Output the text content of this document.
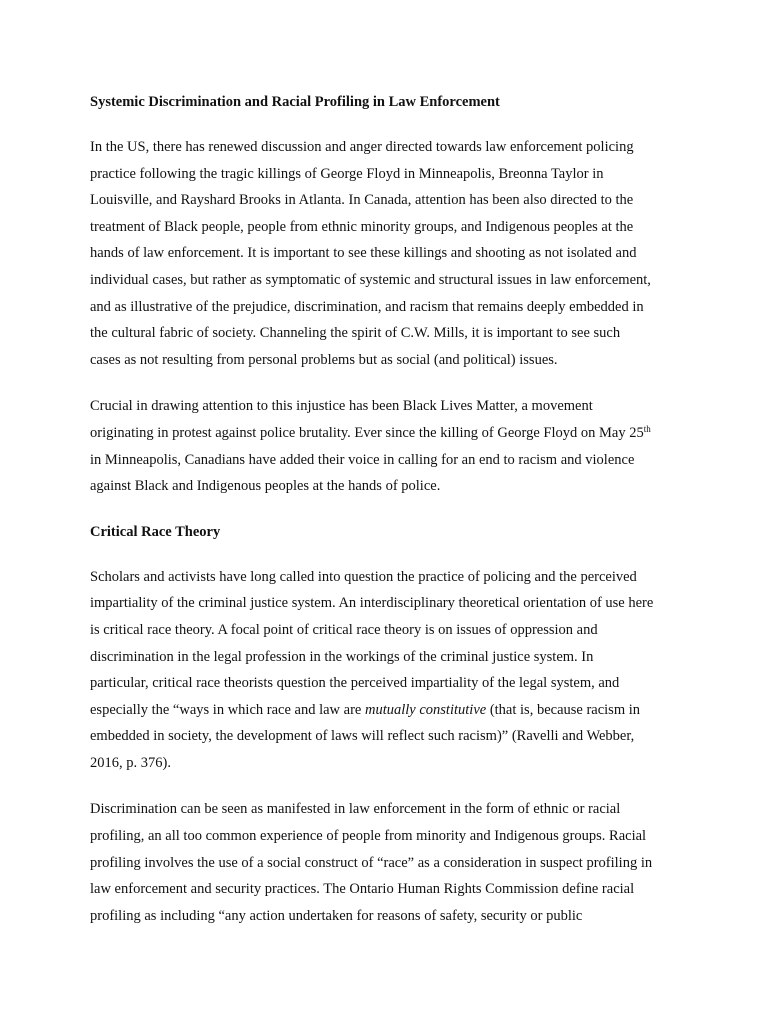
Systemic Discrimination and Racial Profiling in Law Enforcement
In the US, there has renewed discussion and anger directed towards law enforcement policing
practice following the tragic killings of George Floyd in Minneapolis, Breonna Taylor in
Louisville, and Rayshard Brooks in Atlanta. In Canada, attention has been also directed to the
treatment of Black people, people from ethnic minority groups, and Indigenous peoples at the
hands of law enforcement. It is important to see these killings and shooting as not isolated and
individual cases, but rather as symptomatic of systemic and structural issues in law enforcement,
and as illustrative of the prejudice, discrimination, and racism that remains deeply embedded in
the cultural fabric of society. Channeling the spirit of C.W. Mills, it is important to see such
cases as not resulting from personal problems but as social (and political) issues.
Crucial in drawing attention to this injustice has been Black Lives Matter, a movement
originating in protest against police brutality. Ever since the killing of George Floyd on May 25th
in Minneapolis, Canadians have added their voice in calling for an end to racism and violence
against Black and Indigenous peoples at the hands of police.
Critical Race Theory
Scholars and activists have long called into question the practice of policing and the perceived
impartiality of the criminal justice system. An interdisciplinary theoretical orientation of use here
is critical race theory. A focal point of critical race theory is on issues of oppression and
discrimination in the legal profession in the workings of the criminal justice system. In
particular, critical race theorists question the perceived impartiality of the legal system, and
especially the “ways in which race and law are mutually constitutive (that is, because racism in
embedded in society, the development of laws will reflect such racism)” (Ravelli and Webber,
2016, p. 376).
Discrimination can be seen as manifested in law enforcement in the form of ethnic or racial
profiling, an all too common experience of people from minority and Indigenous groups. Racial
profiling involves the use of a social construct of “race” as a consideration in suspect profiling in
law enforcement and security practices. The Ontario Human Rights Commission define racial
profiling as including “any action undertaken for reasons of safety, security or public
